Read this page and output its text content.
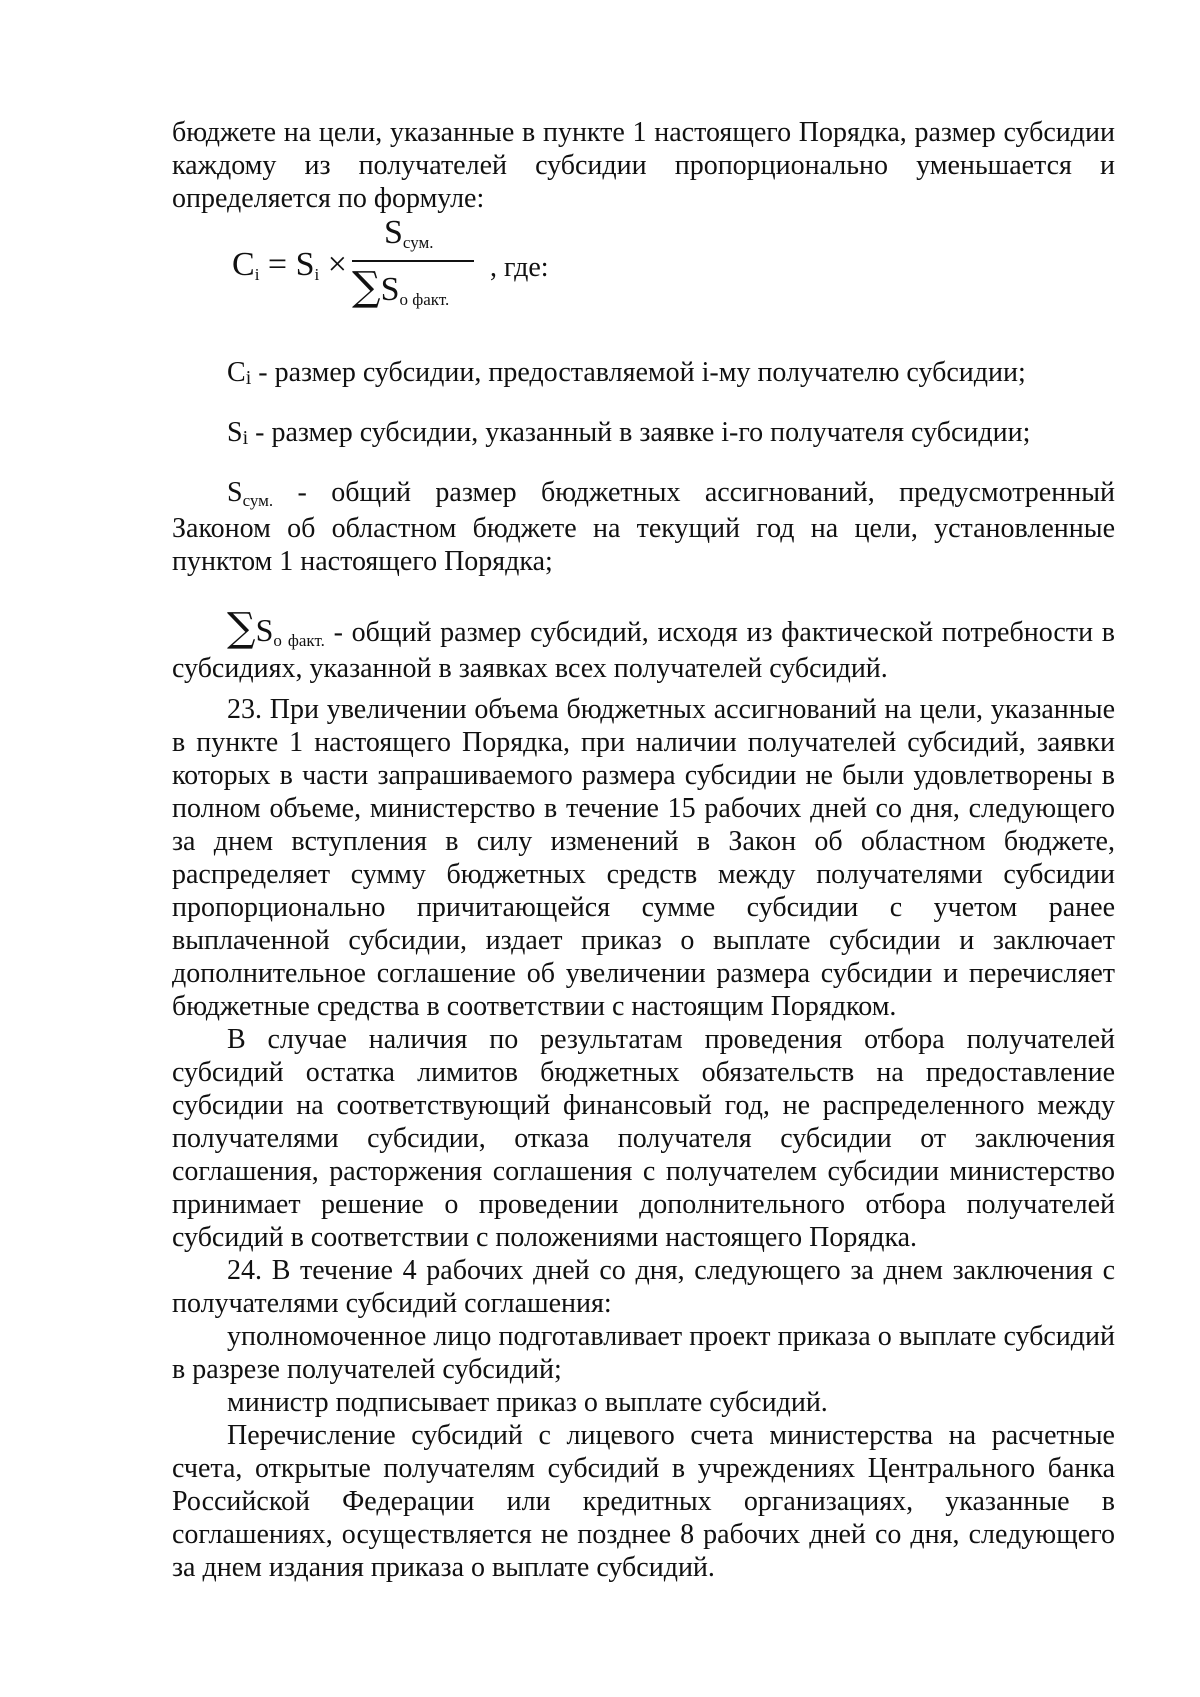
бюджете на цели, указанные в пункте 1 настоящего Порядка, размер субсидии каждому из получателей субсидии пропорционально уменьшается и определяется по формуле:

Ci = Si ×
Sсум.
∑Sо факт.
, где:
Ci - размер субсидии, предоставляемой i-му получателю субсидии;
Si - размер субсидии, указанный в заявке i-го получателя субсидии;
Sсум. - общий размер бюджетных ассигнований, предусмотренный Законом об областном бюджете на текущий год на цели, установленные пунктом 1 настоящего Порядка;
∑Sо факт. - общий размер субсидий, исходя из фактической потребности в субсидиях, указанной в заявках всех получателей субсидий.

23. При увеличении объема бюджетных ассигнований на цели, указанные в пункте 1 настоящего Порядка, при наличии получателей субсидий, заявки которых в части запрашиваемого размера субсидии не были удовлетворены в полном объеме, министерство в течение 15 рабочих дней со дня, следующего за днем вступления в силу изменений в Закон об областном бюджете, распределяет сумму бюджетных средств между получателями субсидии пропорционально причитающейся сумме субсидии с учетом ранее выплаченной субсидии, издает приказ о выплате субсидии и заключает дополнительное соглашение об увеличении размера субсидии и перечисляет бюджетные средства в соответствии с настоящим Порядком.

В случае наличия по результатам проведения отбора получателей субсидий остатка лимитов бюджетных обязательств на предоставление субсидии на соответствующий финансовый год, не распределенного между получателями субсидии, отказа получателя субсидии от заключения соглашения, расторжения соглашения с получателем субсидии министерство принимает решение о проведении дополнительного отбора получателей субсидий в соответствии с положениями настоящего Порядка.

24. В течение 4 рабочих дней со дня, следующего за днем заключения с получателями субсидий соглашения:

уполномоченное лицо подготавливает проект приказа о выплате субсидий в разрезе получателей субсидий;

министр подписывает приказ о выплате субсидий.

Перечисление субсидий с лицевого счета министерства на расчетные счета, открытые получателям субсидий в учреждениях Центрального банка Российской Федерации или кредитных организациях, указанные в соглашениях, осуществляется не позднее 8 рабочих дней со дня, следующего за днем издания приказа о выплате субсидий.
